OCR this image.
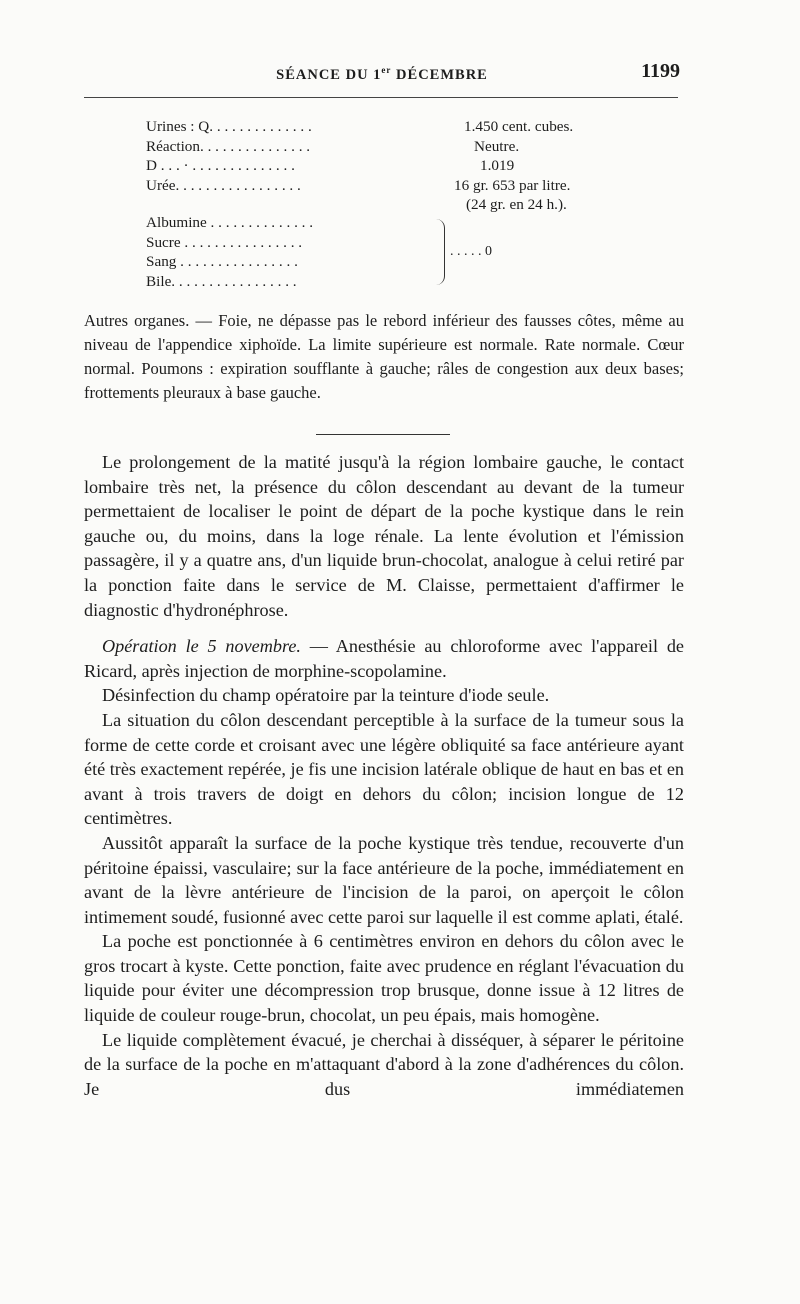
SÉANCE DU 1er DÉCEMBRE	1199
Urines : Q. . . . . . . . . . . . . .	1.450 cent. cubes.
Réaction. . . . . . . . . . . . . . .	Neutre.
D . . . · . . . . . . . . . . . . . .	1.019
Urée. . . . . . . . . . . . . . . . .	16 gr. 653 par litre.
(24 gr. en 24 h.).
Albumine . . . . . . . . . . . . . .
Sucre . . . . . . . . . . . . . . . .
Sang . . . . . . . . . . . . . . . .
Bile. . . . . . . . . . . . . . . . .
. . . . . 0

Autres organes. — Foie, ne dépasse pas le rebord inférieur des fausses côtes, même au niveau de l'appendice xiphoïde. La limite supérieure est normale. Rate normale. Cœur normal. Poumons : expiration soufflante à gauche; râles de congestion aux deux bases; frottements pleuraux à base gauche.

Le prolongement de la matité jusqu'à la région lombaire gauche, le contact lombaire très net, la présence du côlon descendant au devant de la tumeur permettaient de localiser le point de départ de la poche kystique dans le rein gauche ou, du moins, dans la loge rénale. La lente évolution et l'émission passagère, il y a quatre ans, d'un liquide brun-chocolat, analogue à celui retiré par la ponction faite dans le service de M. Claisse, permettaient d'affirmer le diagnostic d'hydronéphrose.

Opération le 5 novembre. — Anesthésie au chloroforme avec l'appareil de Ricard, après injection de morphine-scopolamine.

Désinfection du champ opératoire par la teinture d'iode seule.

La situation du côlon descendant perceptible à la surface de la tumeur sous la forme de cette corde et croisant avec une légère obliquité sa face antérieure ayant été très exactement repérée, je fis une incision latérale oblique de haut en bas et en avant à trois travers de doigt en dehors du côlon; incision longue de 12 centimètres.

Aussitôt apparaît la surface de la poche kystique très tendue, recouverte d'un péritoine épaissi, vasculaire; sur la face antérieure de la poche, immédiatement en avant de la lèvre antérieure de l'incision de la paroi, on aperçoit le côlon intimement soudé, fusionné avec cette paroi sur laquelle il est comme aplati, étalé.

La poche est ponctionnée à 6 centimètres environ en dehors du côlon avec le gros trocart à kyste. Cette ponction, faite avec prudence en réglant l'évacuation du liquide pour éviter une décompression trop brusque, donne issue à 12 litres de liquide de couleur rouge-brun, chocolat, un peu épais, mais homogène.

Le liquide complètement évacué, je cherchai à disséquer, à séparer le péritoine de la surface de la poche en m'attaquant d'abord à la zone d'adhérences du côlon. Je dus immédiatemen
